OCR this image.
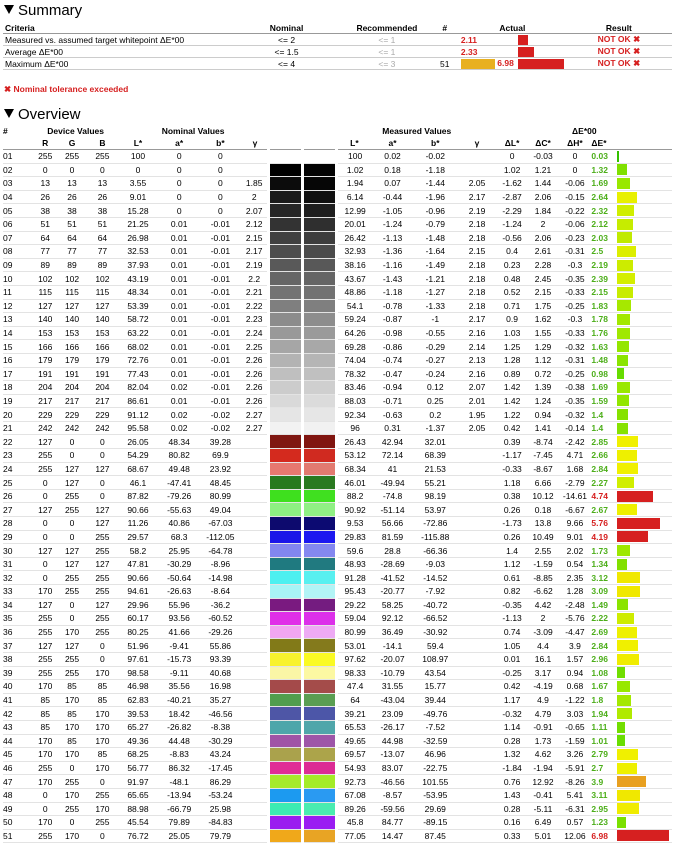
Summary
Criteria	Nominal	Recommended	#	Actual		Result
Measured vs. assumed target whitepoint ΔE*00	<= 2	<= 1		2.11		NOT OK ✖
Average ΔE*00	<= 1.5	<= 1		2.33		NOT OK ✖
Maximum ΔE*00	<= 4	<= 3	51	6.98		NOT OK ✖
✖ Nominal tolerance exceeded
Overview
#	Device Values			Nominal Values						Measured Values				ΔE*00				
	R	G	B	L*	a*	b*	γ			L*	a*	b*	γ	ΔL*	ΔC*	ΔH*	ΔE*	
01	255	255	255	100	0	0				100	0.02	-0.02		0	-0.03	0	0.03	

02	0	0	0	0	0	0				1.02	0.18	-1.18		1.02	1.21	0	1.32	

03	13	13	13	3.55	0	0	1.85			1.94	0.07	-1.44	2.05	-1.62	1.44	-0.06	1.69	

04	26	26	26	9.01	0	0	2			6.14	-0.44	-1.96	2.17	-2.87	2.06	-0.15	2.64	

05	38	38	38	15.28	0	0	2.07			12.99	-1.05	-0.96	2.19	-2.29	1.84	-0.22	2.32	

06	51	51	51	21.25	0.01	-0.01	2.12			20.01	-1.24	-0.79	2.18	-1.24	2	-0.06	2.12	

07	64	64	64	26.98	0.01	-0.01	2.15			26.42	-1.13	-1.48	2.18	-0.56	2.06	-0.23	2.03	

08	77	77	77	32.53	0.01	-0.01	2.17			32.93	-1.36	-1.64	2.15	0.4	2.61	-0.31	2.5	

09	89	89	89	37.93	0.01	-0.01	2.19			38.16	-1.16	-1.49	2.18	0.23	2.28	-0.3	2.19	

10	102	102	102	43.19	0.01	-0.01	2.2			43.67	-1.43	-1.21	2.18	0.48	2.45	-0.35	2.39	

11	115	115	115	48.34	0.01	-0.01	2.21			48.86	-1.18	-1.27	2.18	0.52	2.15	-0.33	2.15	

12	127	127	127	53.39	0.01	-0.01	2.22			54.1	-0.78	-1.33	2.18	0.71	1.75	-0.25	1.83	

13	140	140	140	58.72	0.01	-0.01	2.23			59.24	-0.87	-1	2.17	0.9	1.62	-0.3	1.78	

14	153	153	153	63.22	0.01	-0.01	2.24			64.26	-0.98	-0.55	2.16	1.03	1.55	-0.33	1.76	

15	166	166	166	68.02	0.01	-0.01	2.25			69.28	-0.86	-0.29	2.14	1.25	1.29	-0.32	1.63	

16	179	179	179	72.76	0.01	-0.01	2.26			74.04	-0.74	-0.27	2.13	1.28	1.12	-0.31	1.48	

17	191	191	191	77.43	0.01	-0.01	2.26			78.32	-0.47	-0.24	2.16	0.89	0.72	-0.25	0.98	

18	204	204	204	82.04	0.02	-0.01	2.26			83.46	-0.94	0.12	2.07	1.42	1.39	-0.38	1.69	

19	217	217	217	86.61	0.01	-0.01	2.26			88.03	-0.71	0.25	2.01	1.42	1.24	-0.35	1.59	

20	229	229	229	91.12	0.02	-0.02	2.27			92.34	-0.63	0.2	1.95	1.22	0.94	-0.32	1.4	

21	242	242	242	95.58	0.02	-0.02	2.27			96	0.31	-1.37	2.05	0.42	1.41	-0.14	1.4	

22	127	0	0	26.05	48.34	39.28				26.43	42.94	32.01		0.39	-8.74	-2.42	2.85	

23	255	0	0	54.29	80.82	69.9				53.12	72.14	68.39		-1.17	-7.45	4.71	2.66	

24	255	127	127	68.67	49.48	23.92				68.34	41	21.53		-0.33	-8.67	1.68	2.84	

25	0	127	0	46.1	-47.41	48.45				46.01	-49.94	55.21		1.18	6.66	-2.79	2.27	

26	0	255	0	87.82	-79.26	80.99				88.2	-74.8	98.19		0.38	10.12	-14.61	4.74	

27	127	255	127	90.66	-55.63	49.04				90.92	-51.14	53.97		0.26	0.18	-6.67	2.67	

28	0	0	127	11.26	40.86	-67.03				9.53	56.66	-72.86		-1.73	13.8	9.66	5.76	

29	0	0	255	29.57	68.3	-112.05				29.83	81.59	-115.88		0.26	10.49	9.01	4.19	

30	127	127	255	58.2	25.95	-64.78				59.6	28.8	-66.36		1.4	2.55	2.02	1.73	

31	0	127	127	47.81	-30.29	-8.96				48.93	-28.69	-9.03		1.12	-1.59	0.54	1.34	

32	0	255	255	90.66	-50.64	-14.98				91.28	-41.52	-14.52		0.61	-8.85	2.35	3.12	

33	170	255	255	94.61	-26.63	-8.64				95.43	-20.77	-7.92		0.82	-6.62	1.28	3.09	

34	127	0	127	29.96	55.96	-36.2				29.22	58.25	-40.72		-0.35	4.42	-2.48	1.49	

35	255	0	255	60.17	93.56	-60.52				59.04	92.12	-66.52		-1.13	2	-5.76	2.22	

36	255	170	255	80.25	41.66	-29.26				80.99	36.49	-30.92		0.74	-3.09	-4.47	2.69	

37	127	127	0	51.96	-9.41	55.86				53.01	-14.1	59.4		1.05	4.4	3.9	2.84	

38	255	255	0	97.61	-15.73	93.39				97.62	-20.07	108.97		0.01	16.1	1.57	2.96	

39	255	255	170	98.58	-9.11	40.68				98.33	-10.79	43.54		-0.25	3.17	0.94	1.08	

40	170	85	85	46.98	35.56	16.98				47.4	31.55	15.77		0.42	-4.19	0.68	1.67	

41	85	170	85	62.83	-40.21	35.27				64	-43.04	39.44		1.17	4.9	-1.22	1.8	

42	85	85	170	39.53	18.42	-46.56				39.21	23.09	-49.76		-0.32	4.79	3.03	1.94	

43	85	170	170	65.27	-26.82	-8.38				65.53	-26.17	-7.52		1.14	-0.91	-0.65	1.11	

44	170	85	170	49.36	44.48	-30.29				49.65	44.98	-32.59		0.28	1.73	-1.59	1.01	

45	170	170	85	68.25	-8.83	43.24				69.57	-13.07	46.96		1.32	4.62	3.26	2.79	

46	255	0	170	56.77	86.32	-17.45				54.93	83.07	-22.75		-1.84	-1.94	-5.91	2.7	

47	170	255	0	91.97	-48.1	86.29				92.73	-46.56	101.55		0.76	12.92	-8.26	3.9	

48	0	170	255	65.65	-13.94	-53.24				67.08	-8.57	-53.95		1.43	-0.41	5.41	3.11	

49	0	255	170	88.98	-66.79	25.98				89.26	-59.56	29.69		0.28	-5.11	-6.31	2.95	

50	170	0	255	45.54	79.89	-84.83				45.8	84.77	-89.15		0.16	6.49	0.57	1.23	

51	255	170	0	76.72	25.05	79.79				77.05	14.47	87.45		0.33	5.01	12.06	6.98	
